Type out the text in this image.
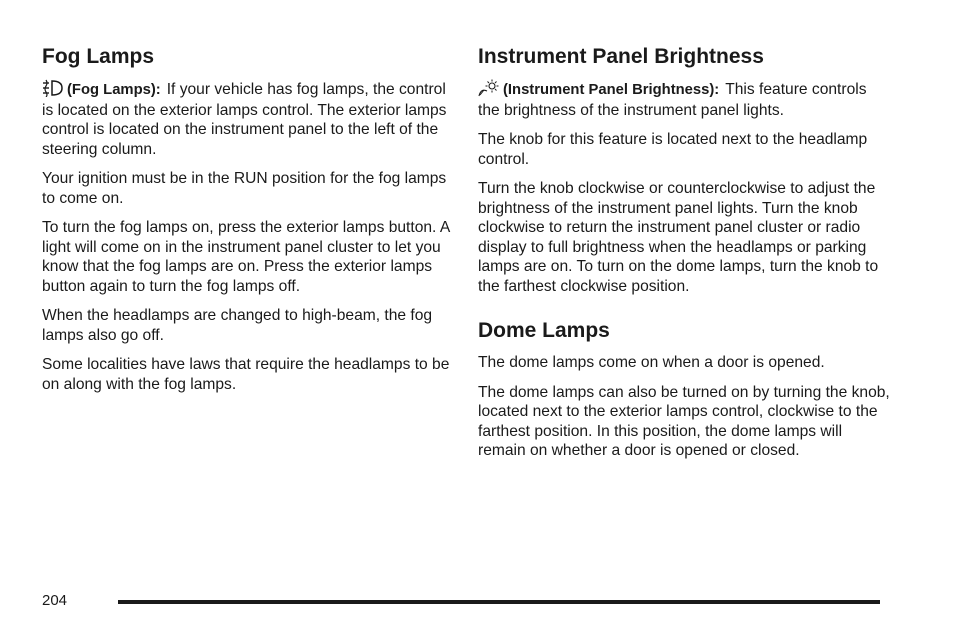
Fog Lamps

(Fog Lamps): If your vehicle has fog lamps, the control is located on the exterior lamps control. The exterior lamps control is located on the instrument panel to the left of the steering column.

Your ignition must be in the RUN position for the fog lamps to come on.

To turn the fog lamps on, press the exterior lamps button. A light will come on in the instrument panel cluster to let you know that the fog lamps are on. Press the exterior lamps button again to turn the fog lamps off.

When the headlamps are changed to high-beam, the fog lamps also go off.

Some localities have laws that require the headlamps to be on along with the fog lamps.

Instrument Panel Brightness

(Instrument Panel Brightness): This feature controls the brightness of the instrument panel lights.

The knob for this feature is located next to the headlamp control.

Turn the knob clockwise or counterclockwise to adjust the brightness of the instrument panel lights. Turn the knob clockwise to return the instrument panel cluster or radio display to full brightness when the headlamps or parking lamps are on. To turn on the dome lamps, turn the knob to the farthest clockwise position.

Dome Lamps

The dome lamps come on when a door is opened.

The dome lamps can also be turned on by turning the knob, located next to the exterior lamps control, clockwise to the farthest position. In this position, the dome lamps will remain on whether a door is opened or closed.

204
